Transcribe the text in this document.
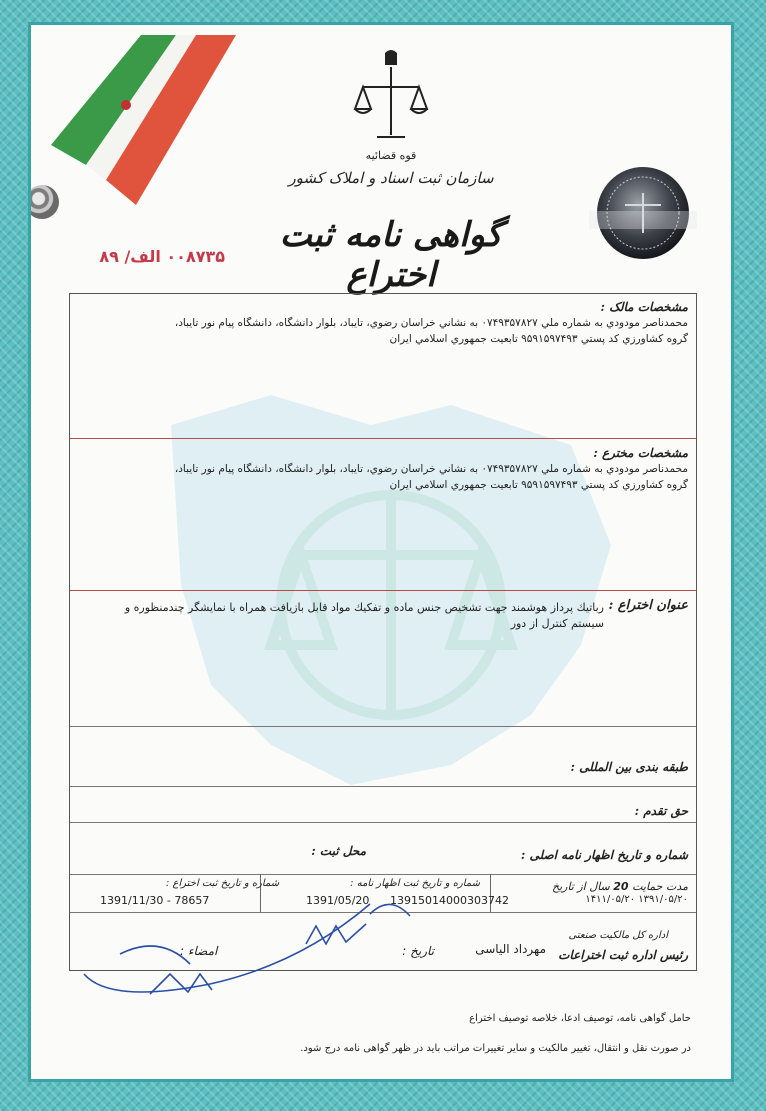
قوه قضائیه
سازمان ثبت اسناد و املاک کشور
گواهی نامه ثبت اختراع
۰۰۸۷۳۵ الف/ ۸۹
مشخصات مالک :
محمدناصر مودودي به شماره ملي ۰۷۴۹۳۵۷۸۲۷ به نشاني خراسان رضوي، تايباد، بلوار دانشگاه، دانشگاه پيام نور تايباد،
گروه كشاورزي كد پستي ۹۵۹۱۵۹۷۴۹۳ تابعيت جمهوري اسلامي ايران
مشخصات مخترع :
محمدناصر مودودي به شماره ملي ۰۷۴۹۳۵۷۸۲۷ به نشاني خراسان رضوي، تايباد، بلوار دانشگاه، دانشگاه پيام نور تايباد،
گروه كشاورزي كد پستي ۹۵۹۱۵۹۷۴۹۳ تابعيت جمهوري اسلامي ايران
عنوان اختراع :
رباتيك پرداز هوشمند جهت تشخيص جنس ماده و تفكيك مواد قابل بازيافت همراه با نمايشگر چندمنظوره و
سيستم كنترل از دور
طبقه بندی بین المللی :
حق تقدم :
شماره و تاریخ اظهار نامه اصلی :
محل ثبت :
مدت حمایت 20 سال از تاریخ
۱۳۹۱/۰۵/۲۰ ۱۴۱۱/۰۵/۲۰
شماره و تاریخ ثبت اظهار نامه :
13915014000303742
1391/05/20
شماره و تاریخ ثبت اختراع :
1391/11/30 - 78657
اداره کل مالکیت صنعتی
رئیس اداره ثبت اختراعات
مهرداد الیاسی
تاریخ :
امضاء :
حامل گواهی نامه، توصیف ادعا، خلاصه توصیف اختراع
در صورت نقل و انتقال، تغییر مالکیت و سایر تغییرات مراتب باید در ظهر گواهی نامه درج شود.
